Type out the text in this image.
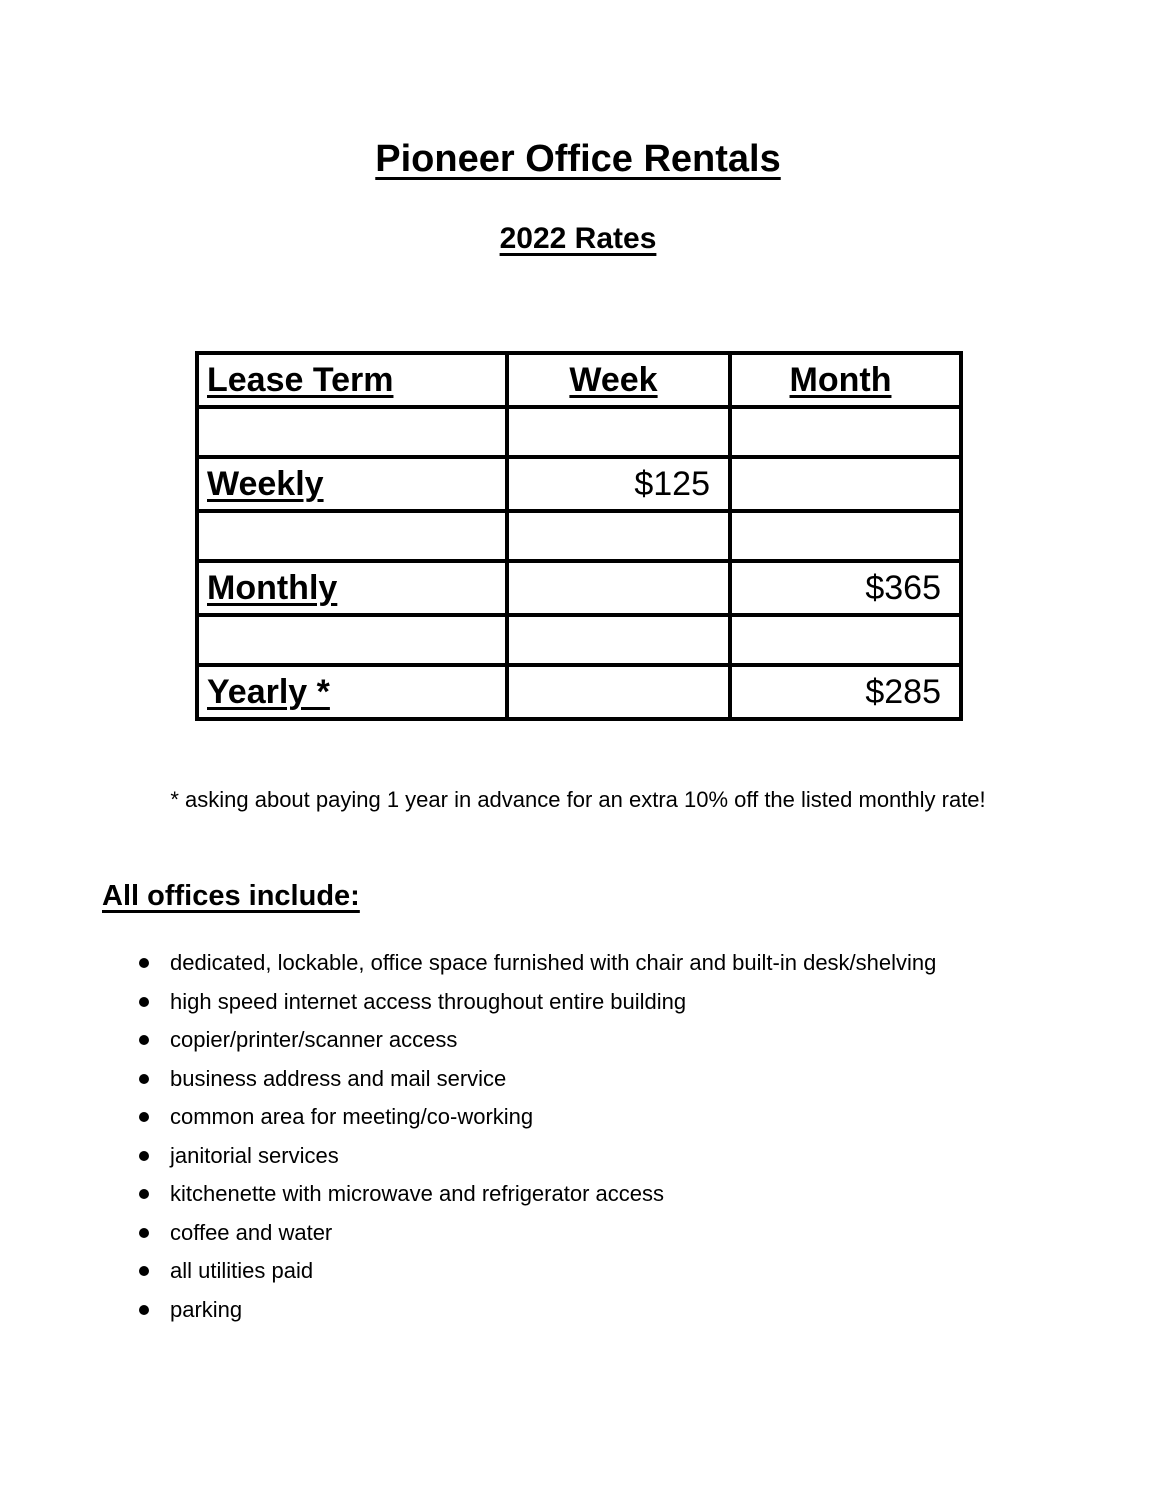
Pioneer Office Rentals
2022 Rates
Lease Term	Week	Month

Weekly	$125	

Monthly		$365

Yearly *		$285

* asking about paying 1 year in advance for an extra 10% off the listed monthly rate!

All offices include:
dedicated, lockable, office space furnished with chair and built-in desk/shelving
high speed internet access throughout entire building
copier/printer/scanner access
business address and mail service
common area for meeting/co-working
janitorial services
kitchenette with microwave and refrigerator access
coffee and water
all utilities paid
parking
